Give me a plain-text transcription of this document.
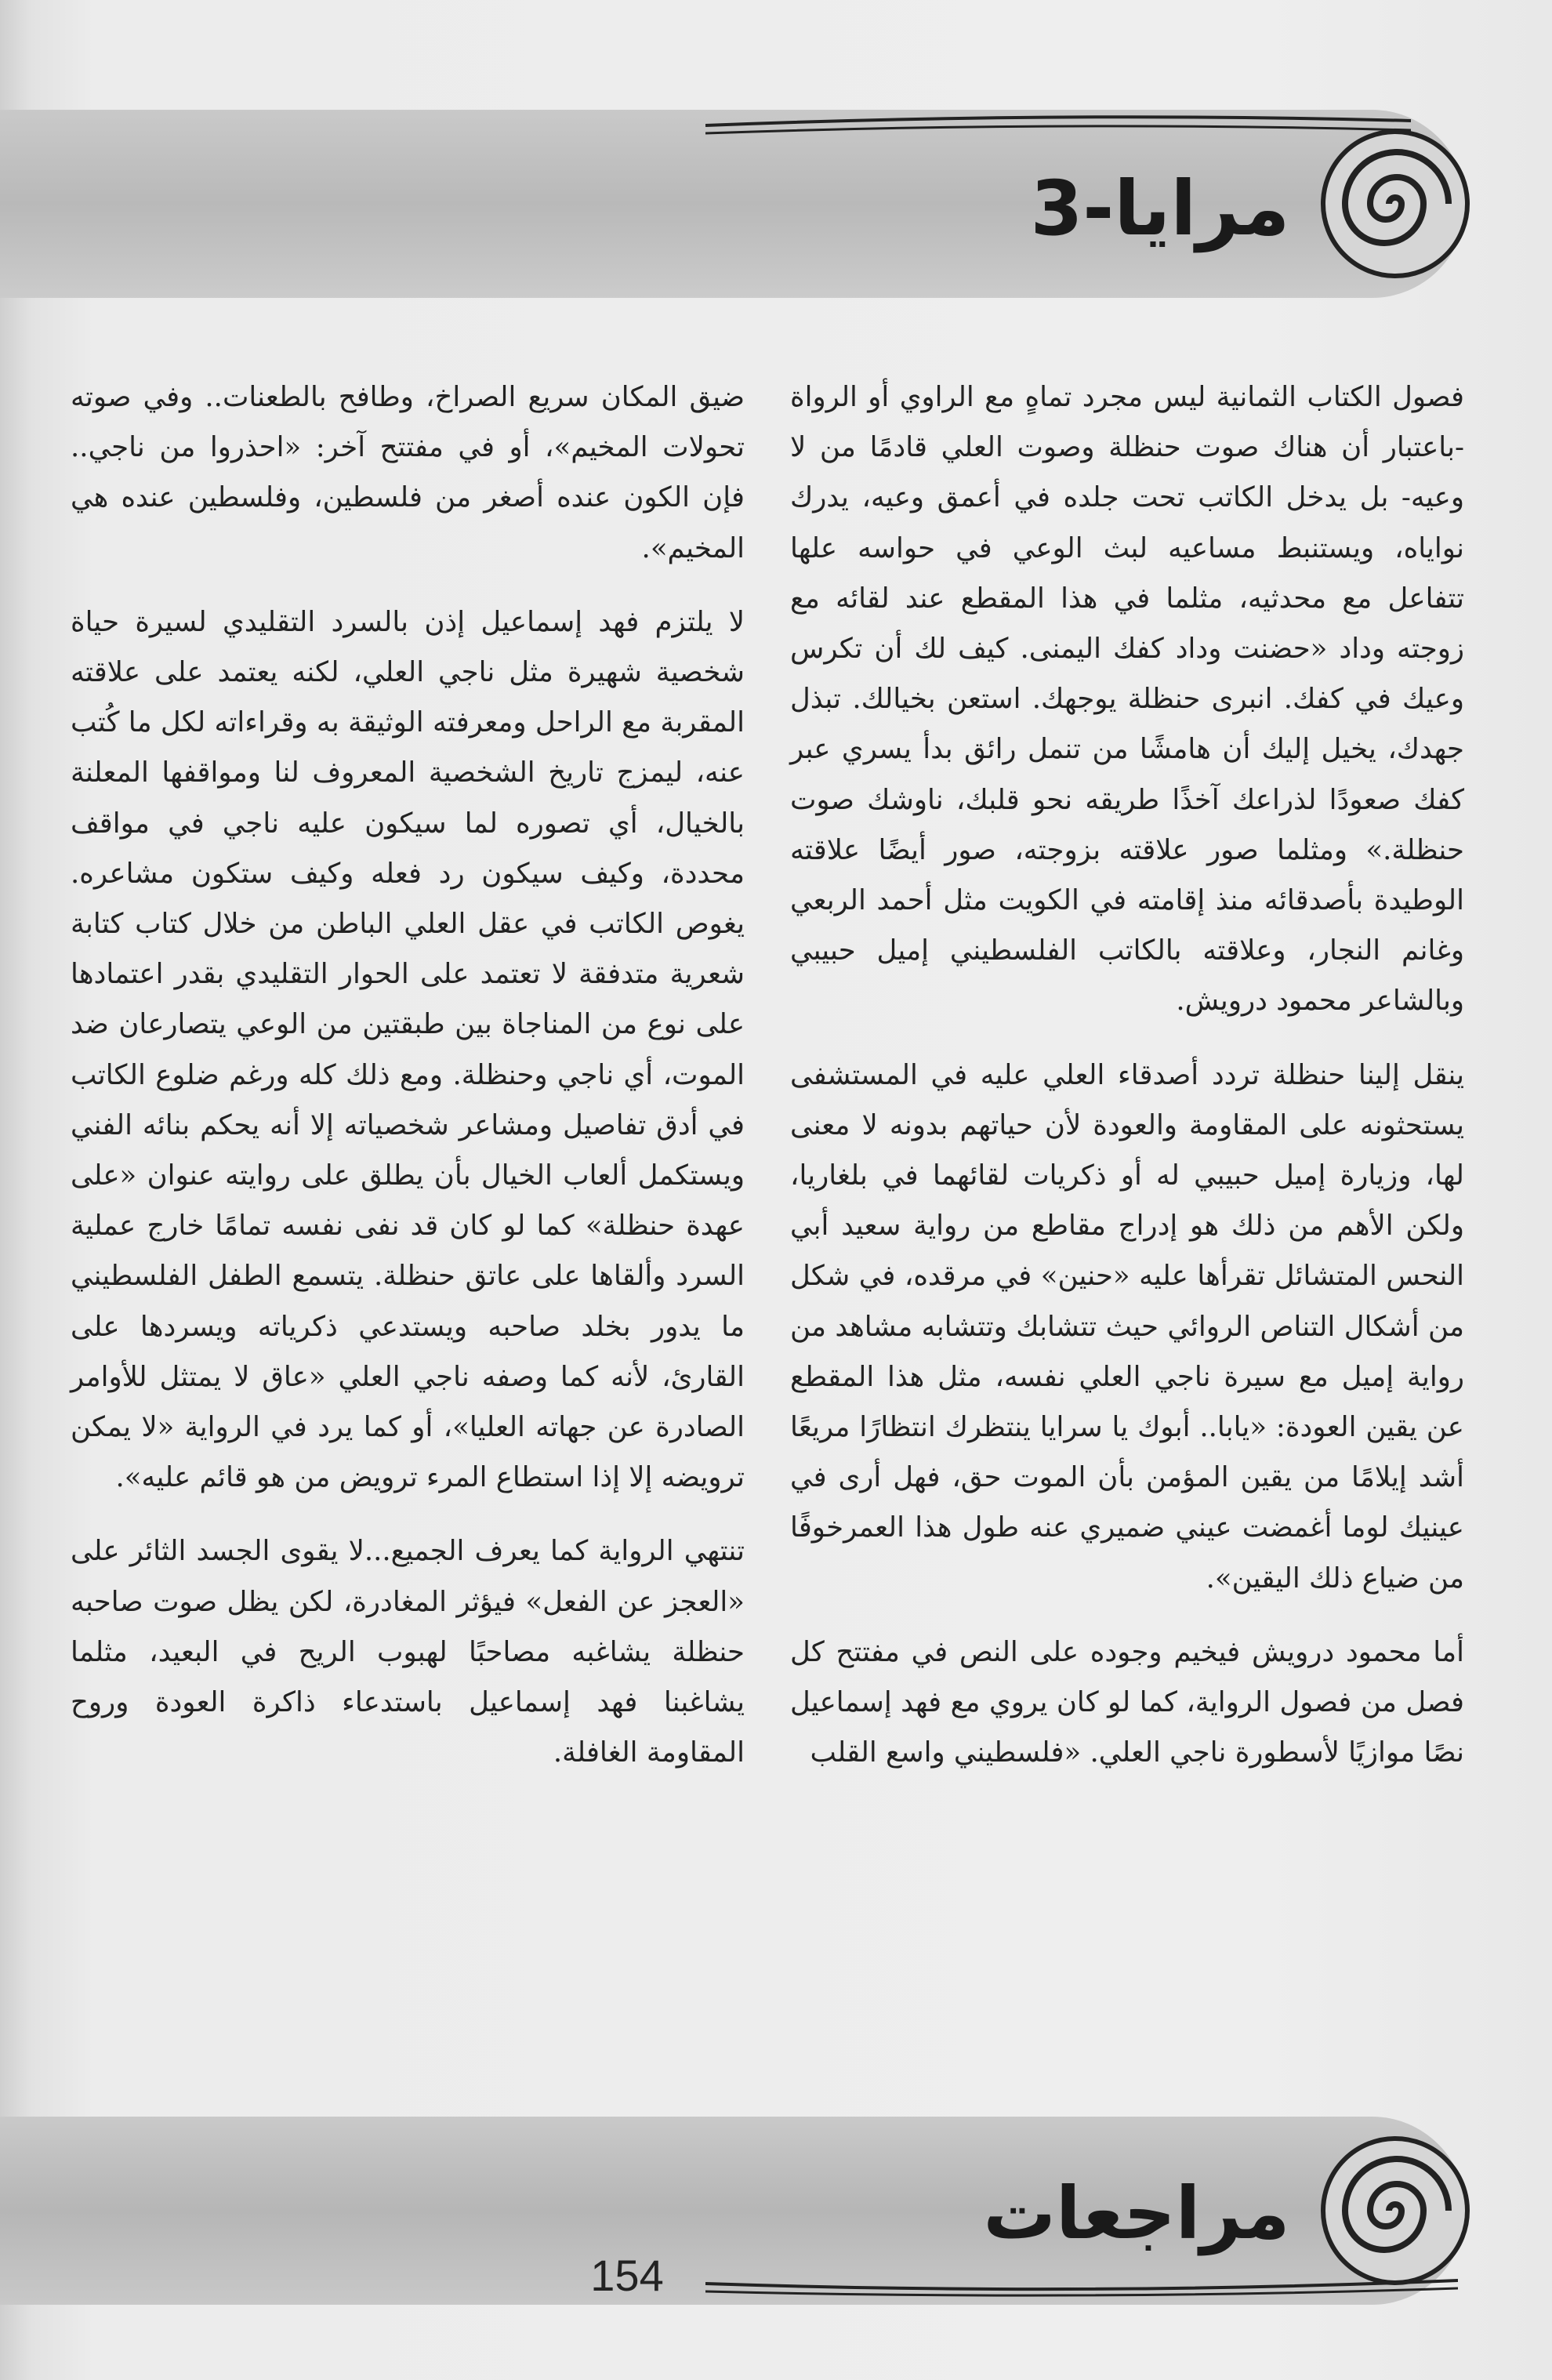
مرايا-3

فصول الكتاب الثمانية ليس مجرد تماهٍ مع الراوي أو الرواة -باعتبار أن هناك صوت حنظلة وصوت العلي قادمًا من لا وعيه- بل يدخل الكاتب تحت جلده في أعمق وعيه، يدرك نواياه، ويستنبط مساعيه لبث الوعي في حواسه علها تتفاعل مع محدثيه، مثلما في هذا المقطع عند لقائه مع زوجته وداد «حضنت وداد كفك اليمنى. كيف لك أن تكرس وعيك في كفك. انبرى حنظلة يوجهك. استعن بخيالك. تبذل جهدك، يخيل إليك أن هامشًا من تنمل رائق بدأ يسري عبر كفك صعودًا لذراعك آخذًا طريقه نحو قلبك، ناوشك صوت حنظلة.» ومثلما صور علاقته بزوجته، صور أيضًا علاقته الوطيدة بأصدقائه منذ إقامته في الكويت مثل أحمد الربعي وغانم النجار، وعلاقته بالكاتب الفلسطيني إميل حبيبي وبالشاعر محمود درويش.

ينقل إلينا حنظلة تردد أصدقاء العلي عليه في المستشفى يستحثونه على المقاومة والعودة لأن حياتهم بدونه لا معنى لها، وزيارة إميل حبيبي له أو ذكريات لقائهما في بلغاريا، ولكن الأهم من ذلك هو إدراج مقاطع من رواية سعيد أبي النحس المتشائل تقرأها عليه «حنين» في مرقده، في شكل من أشكال التناص الروائي حيث تتشابك وتتشابه مشاهد من رواية إميل مع سيرة ناجي العلي نفسه، مثل هذا المقطع عن يقين العودة: «يابا.. أبوك يا سرايا ينتظرك انتظارًا مريعًا أشد إيلامًا من يقين المؤمن بأن الموت حق، فهل أرى في عينيك لوما أغمضت عيني ضميري عنه طول هذا العمرخوفًا من ضياع ذلك اليقين».

أما محمود درويش فيخيم وجوده على النص في مفتتح كل فصل من فصول الرواية، كما لو كان يروي مع فهد إسماعيل نصًا موازيًا لأسطورة ناجي العلي. «فلسطيني واسع القلب

ضيق المكان سريع الصراخ، وطافح بالطعنات.. وفي صوته تحولات المخيم»، أو في مفتتح آخر: «احذروا من ناجي.. فإن الكون عنده أصغر من فلسطين، وفلسطين عنده هي المخيم».

لا يلتزم فهد إسماعيل إذن بالسرد التقليدي لسيرة حياة شخصية شهيرة مثل ناجي العلي، لكنه يعتمد على علاقته المقربة مع الراحل ومعرفته الوثيقة به وقراءاته لكل ما كُتب عنه، ليمزج تاريخ الشخصية المعروف لنا ومواقفها المعلنة بالخيال، أي تصوره لما سيكون عليه ناجي في مواقف محددة، وكيف سيكون رد فعله وكيف ستكون مشاعره. يغوص الكاتب في عقل العلي الباطن من خلال كتاب كتابة شعرية متدفقة لا تعتمد على الحوار التقليدي بقدر اعتمادها على نوع من المناجاة بين طبقتين من الوعي يتصارعان ضد الموت، أي ناجي وحنظلة. ومع ذلك كله ورغم ضلوع الكاتب في أدق تفاصيل ومشاعر شخصياته إلا أنه يحكم بنائه الفني ويستكمل ألعاب الخيال بأن يطلق على روايته عنوان «على عهدة حنظلة» كما لو كان قد نفى نفسه تمامًا خارج عملية السرد وألقاها على عاتق حنظلة. يتسمع الطفل الفلسطيني ما يدور بخلد صاحبه ويستدعي ذكرياته ويسردها على القارئ، لأنه كما وصفه ناجي العلي «عاق لا يمتثل للأوامر الصادرة عن جهاته العليا»، أو كما يرد في الرواية «لا يمكن ترويضه إلا إذا استطاع المرء ترويض من هو قائم عليه».

تنتهي الرواية كما يعرف الجميع...لا يقوى الجسد الثائر على «العجز عن الفعل» فيؤثر المغادرة، لكن يظل صوت صاحبه حنظلة يشاغبه مصاحبًا لهبوب الريح في البعيد، مثلما يشاغبنا فهد إسماعيل باستدعاء ذاكرة العودة وروح المقاومة الغافلة.

مراجعات
154
